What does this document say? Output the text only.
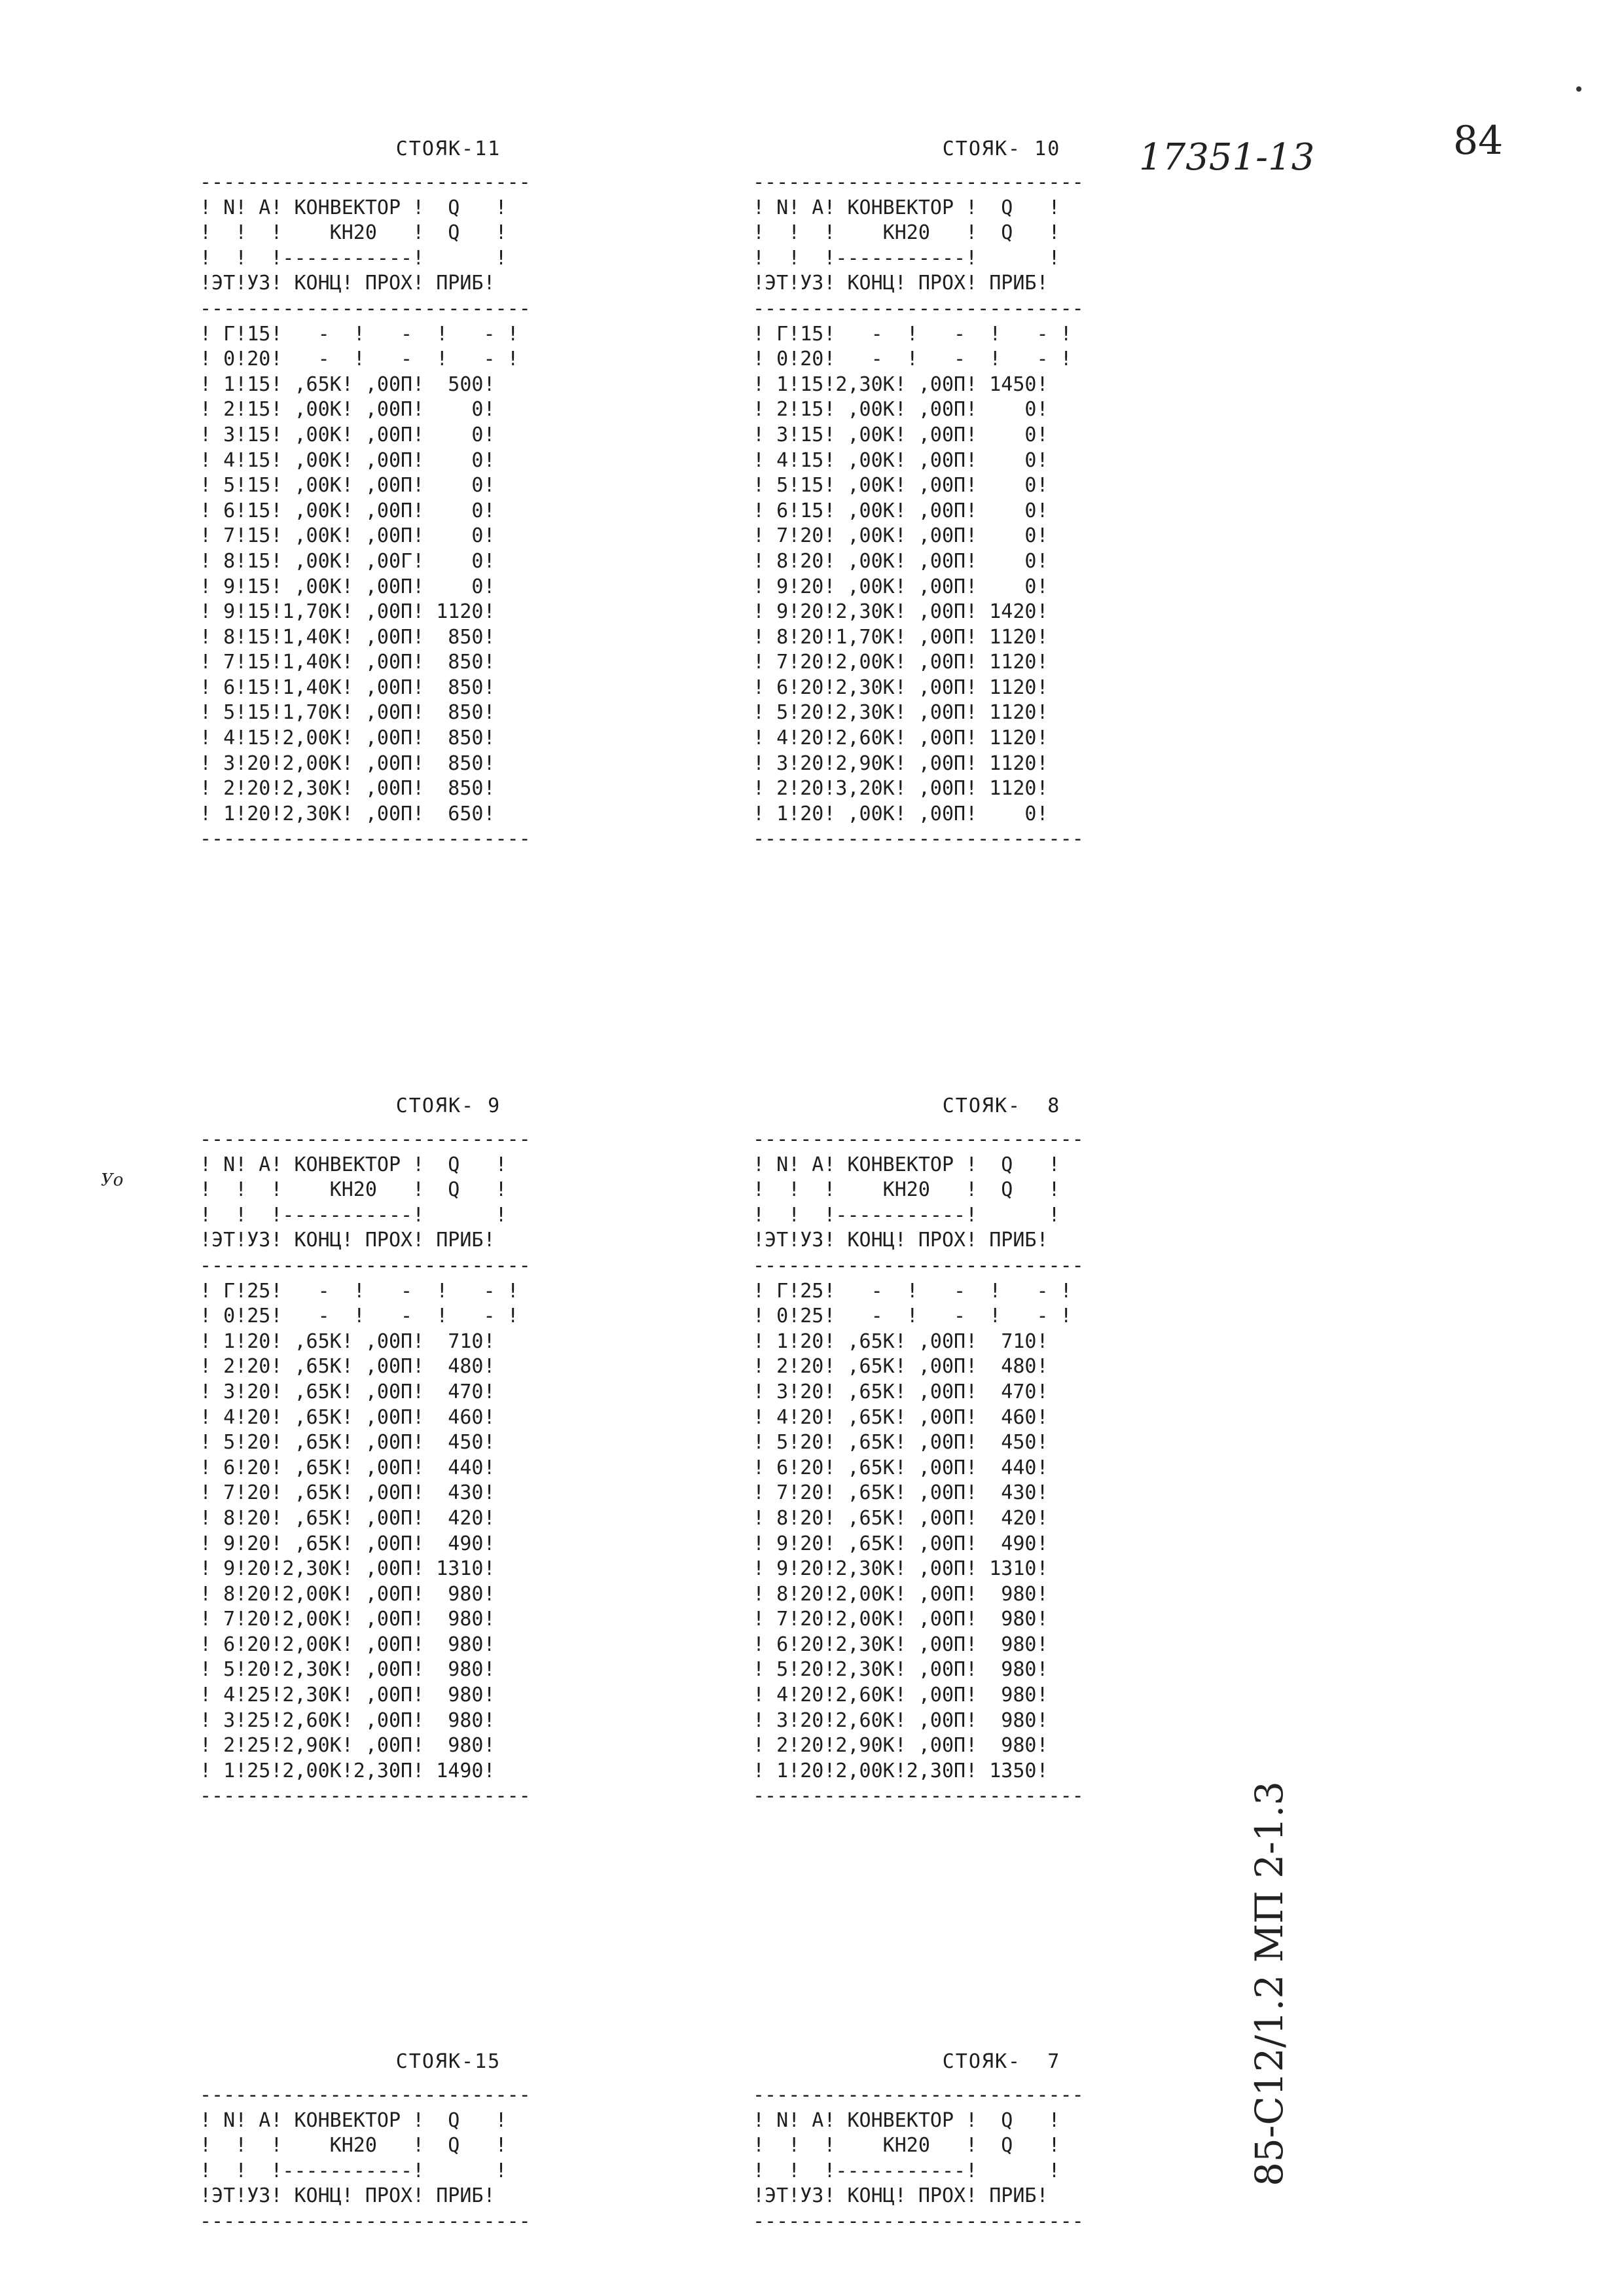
17351-13	84
85-С12/1.2 МП 2-1.3
Уо
СТОЯК-11
----------------------------
! N! А! КОНВЕКТОР !  Q   !
!  !  !    КН20   !  Q   !
!  !  !-----------!      !
!ЭТ!УЗ! КОНЦ! ПРОХ! ПРИБ!
----------------------------
! Г!15!   -  !   -  !   - !
! 0!20!   -  !   -  !   - !
! 1!15! ,65К! ,00П!  500!
! 2!15! ,00К! ,00П!    0!
! 3!15! ,00К! ,00П!    0!
! 4!15! ,00К! ,00П!    0!
! 5!15! ,00К! ,00П!    0!
! 6!15! ,00К! ,00П!    0!
! 7!15! ,00К! ,00П!    0!
! 8!15! ,00К! ,00Г!    0!
! 9!15! ,00К! ,00П!    0!
! 9!15!1,70К! ,00П! 1120!
! 8!15!1,40К! ,00П!  850!
! 7!15!1,40К! ,00П!  850!
! 6!15!1,40К! ,00П!  850!
! 5!15!1,70К! ,00П!  850!
! 4!15!2,00К! ,00П!  850!
! 3!20!2,00К! ,00П!  850!
! 2!20!2,30К! ,00П!  850!
! 1!20!2,30К! ,00П!  650!
----------------------------
СТОЯК- 10
----------------------------
! N! А! КОНВЕКТОР !  Q   !
!  !  !    КН20   !  Q   !
!  !  !-----------!      !
!ЭТ!УЗ! КОНЦ! ПРОХ! ПРИБ!
----------------------------
! Г!15!   -  !   -  !   - !
! 0!20!   -  !   -  !   - !
! 1!15!2,30К! ,00П! 1450!
! 2!15! ,00К! ,00П!    0!
! 3!15! ,00К! ,00П!    0!
! 4!15! ,00К! ,00П!    0!
! 5!15! ,00К! ,00П!    0!
! 6!15! ,00К! ,00П!    0!
! 7!20! ,00К! ,00П!    0!
! 8!20! ,00К! ,00П!    0!
! 9!20! ,00К! ,00П!    0!
! 9!20!2,30К! ,00П! 1420!
! 8!20!1,70К! ,00П! 1120!
! 7!20!2,00К! ,00П! 1120!
! 6!20!2,30К! ,00П! 1120!
! 5!20!2,30К! ,00П! 1120!
! 4!20!2,60К! ,00П! 1120!
! 3!20!2,90К! ,00П! 1120!
! 2!20!3,20К! ,00П! 1120!
! 1!20! ,00К! ,00П!    0!
----------------------------
СТОЯК- 9
----------------------------
! N! А! КОНВЕКТОР !  Q   !
!  !  !    КН20   !  Q   !
!  !  !-----------!      !
!ЭТ!УЗ! КОНЦ! ПРОХ! ПРИБ!
----------------------------
! Г!25!   -  !   -  !   - !
! 0!25!   -  !   -  !   - !
! 1!20! ,65К! ,00П!  710!
! 2!20! ,65К! ,00П!  480!
! 3!20! ,65К! ,00П!  470!
! 4!20! ,65К! ,00П!  460!
! 5!20! ,65К! ,00П!  450!
! 6!20! ,65К! ,00П!  440!
! 7!20! ,65К! ,00П!  430!
! 8!20! ,65К! ,00П!  420!
! 9!20! ,65К! ,00П!  490!
! 9!20!2,30К! ,00П! 1310!
! 8!20!2,00К! ,00П!  980!
! 7!20!2,00К! ,00П!  980!
! 6!20!2,00К! ,00П!  980!
! 5!20!2,30К! ,00П!  980!
! 4!25!2,30К! ,00П!  980!
! 3!25!2,60К! ,00П!  980!
! 2!25!2,90К! ,00П!  980!
! 1!25!2,00К!2,30П! 1490!
----------------------------
СТОЯК-  8
----------------------------
! N! А! КОНВЕКТОР !  Q   !
!  !  !    КН20   !  Q   !
!  !  !-----------!      !
!ЭТ!УЗ! КОНЦ! ПРОХ! ПРИБ!
----------------------------
! Г!25!   -  !   -  !   - !
! 0!25!   -  !   -  !   - !
! 1!20! ,65К! ,00П!  710!
! 2!20! ,65К! ,00П!  480!
! 3!20! ,65К! ,00П!  470!
! 4!20! ,65К! ,00П!  460!
! 5!20! ,65К! ,00П!  450!
! 6!20! ,65К! ,00П!  440!
! 7!20! ,65К! ,00П!  430!
! 8!20! ,65К! ,00П!  420!
! 9!20! ,65К! ,00П!  490!
! 9!20!2,30К! ,00П! 1310!
! 8!20!2,00К! ,00П!  980!
! 7!20!2,00К! ,00П!  980!
! 6!20!2,30К! ,00П!  980!
! 5!20!2,30К! ,00П!  980!
! 4!20!2,60К! ,00П!  980!
! 3!20!2,60К! ,00П!  980!
! 2!20!2,90К! ,00П!  980!
! 1!20!2,00К!2,30П! 1350!
----------------------------
СТОЯК-15
----------------------------
! N! А! КОНВЕКТОР !  Q   !
!  !  !    КН20   !  Q   !
!  !  !-----------!      !
!ЭТ!УЗ! КОНЦ! ПРОХ! ПРИБ!
----------------------------
СТОЯК-  7
----------------------------
! N! А! КОНВЕКТОР !  Q   !
!  !  !    КН20   !  Q   !
!  !  !-----------!      !
!ЭТ!УЗ! КОНЦ! ПРОХ! ПРИБ!
----------------------------
